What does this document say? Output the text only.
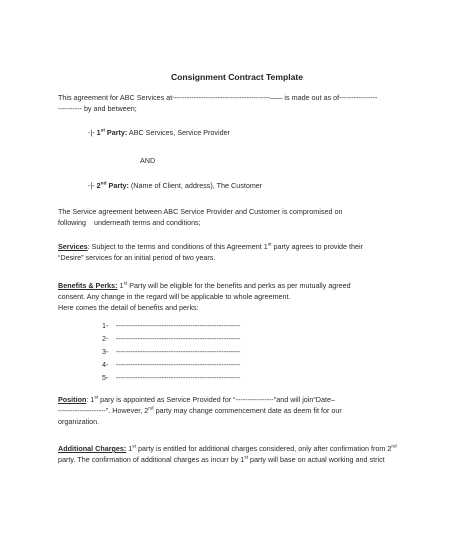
Consignment Contract Template
This agreement for ABC Services at-----------------------------------------––– is made out as of----------------
---------- by and between;
-|- 1st Party: ABC Services, Service Provider
AND
-|- 2nd Party: (Name of Client, address), The Customer
The Service agreement between ABC Service Provider and Customer is compromised on
following underneath terms and conditions;
Services: Subject to the terms and conditions of this Agreement 1st party agrees to provide their
“Desire” services for an initial period of two years.
Benefits & Perks: 1st Party will be eligible for the benefits and perks as per mutually agreed
consent. Any change in the regard will be applicable to whole agreement.
Here comes the detail of benefits and perks:
1- ----------------------------------------------------
2- ----------------------------------------------------
3- ----------------------------------------------------
4- ----------------------------------------------------
5- ----------------------------------------------------
Position: 1st pary is appointed as Service Provided for “----------------”and will join“Date–
--------------------”. However, 2nd party may change commencement date as deem fit for our
organization.
Additional Charges: 1st party is entitled for additional charges considered, only after confirmation from 2nd
party. The confirmation of additional charges as incurr by 1st party will base on actual working and strict
